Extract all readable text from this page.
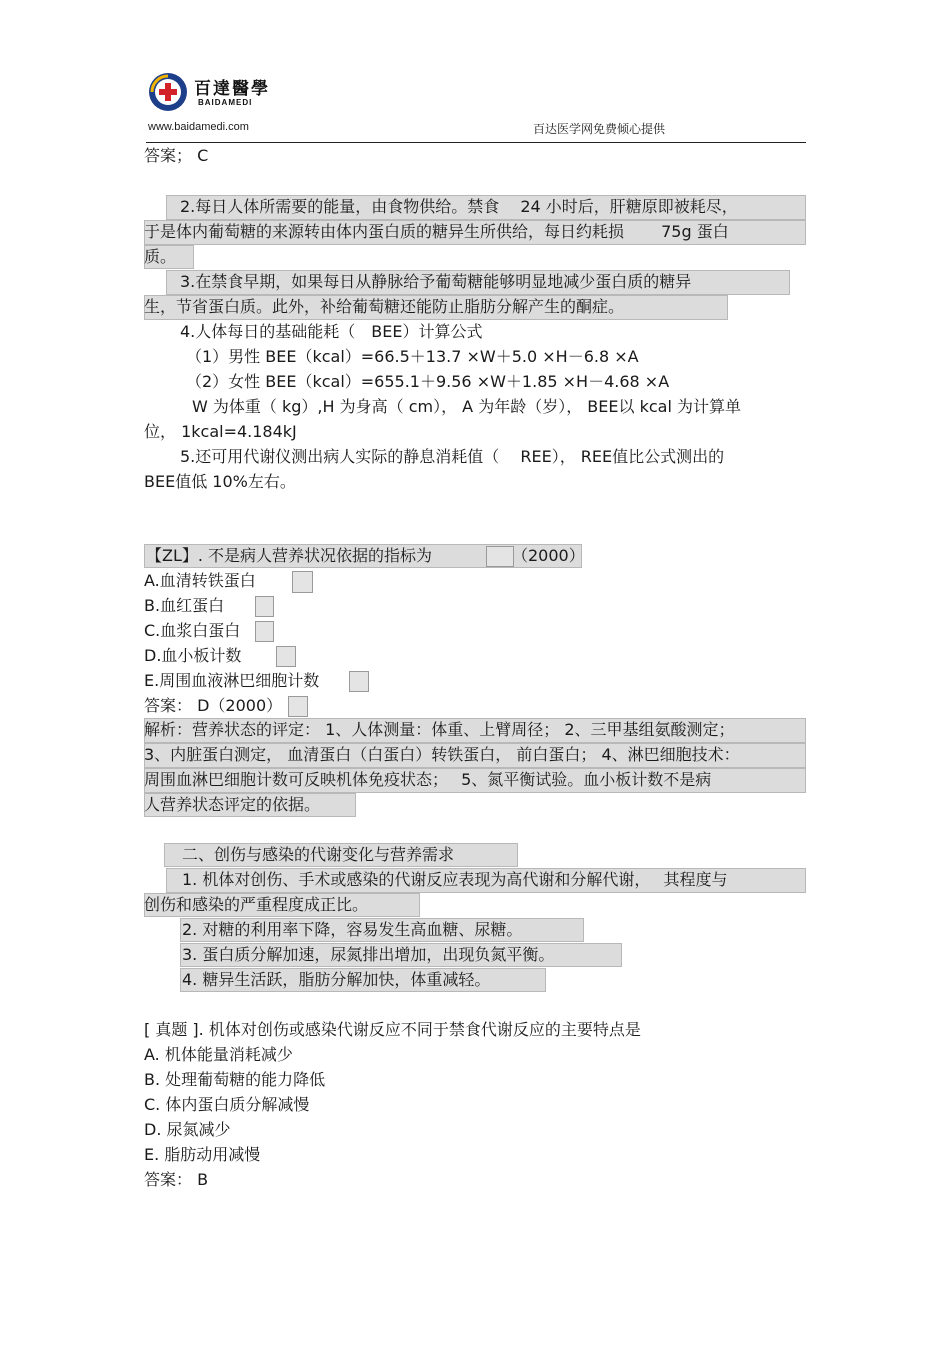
百達醫學
BAIDAMEDI
www.baidamedi.com	百达医学网免费倾心提供
答案； C
2.每日人体所需要的能量，由食物供给。禁食　 24 小时后，肝糖原即被耗尽，
于是体内葡萄糖的来源转由体内蛋白质的糖异生所供给，每日约耗损　　 75g 蛋白
质。
3.在禁食早期，如果每日从静脉给予葡萄糖能够明显地减少蛋白质的糖异
生，节省蛋白质。此外，补给葡萄糖还能防止脂肪分解产生的酮症。
4.人体每日的基础能耗（　BEE）计算公式
（1）男性 BEE（kcal）=66.5＋13.7 ×W＋5.0 ×H－6.8 ×A
（2）女性 BEE（kcal）=655.1＋9.56 ×W＋1.85 ×H－4.68 ×A
W 为体重（ kg）,H 为身高（ cm）， A 为年龄（岁）， BEE以 kcal 为计算单
位， 1kcal=4.184kJ
5.还可用代谢仪测出病人实际的静息消耗值（　 REE）， REE值比公式测出的
BEE值低 10%左右。
【ZL】. 不是病人营养状况依据的指标为	（2000）
A.血清转铁蛋白
B.血红蛋白
C.血浆白蛋白
D.血小板计数
E.周围血液淋巴细胞计数
答案： D（2000）
解析：营养状态的评定： 1、人体测量：体重、上臂周径； 2、三甲基组氨酸测定；
3、内脏蛋白测定， 血清蛋白（白蛋白）转铁蛋白， 前白蛋白； 4、淋巴细胞技术：
周围血淋巴细胞计数可反映机体免疫状态；　 5、氮平衡试验。血小板计数不是病
人营养状态评定的依据。
二、创伤与感染的代谢变化与营养需求
1. 机体对创伤、手术或感染的代谢反应表现为高代谢和分解代谢，　 其程度与
创伤和感染的严重程度成正比。
2. 对糖的利用率下降，容易发生高血糖、尿糖。
3. 蛋白质分解加速，尿氮排出增加，出现负氮平衡。
4. 糖异生活跃，脂肪分解加快，体重减轻。
[ 真题 ]. 机体对创伤或感染代谢反应不同于禁食代谢反应的主要特点是
A. 机体能量消耗减少
B. 处理葡萄糖的能力降低
C. 体内蛋白质分解减慢
D. 尿氮减少
E. 脂肪动用减慢
答案： B
